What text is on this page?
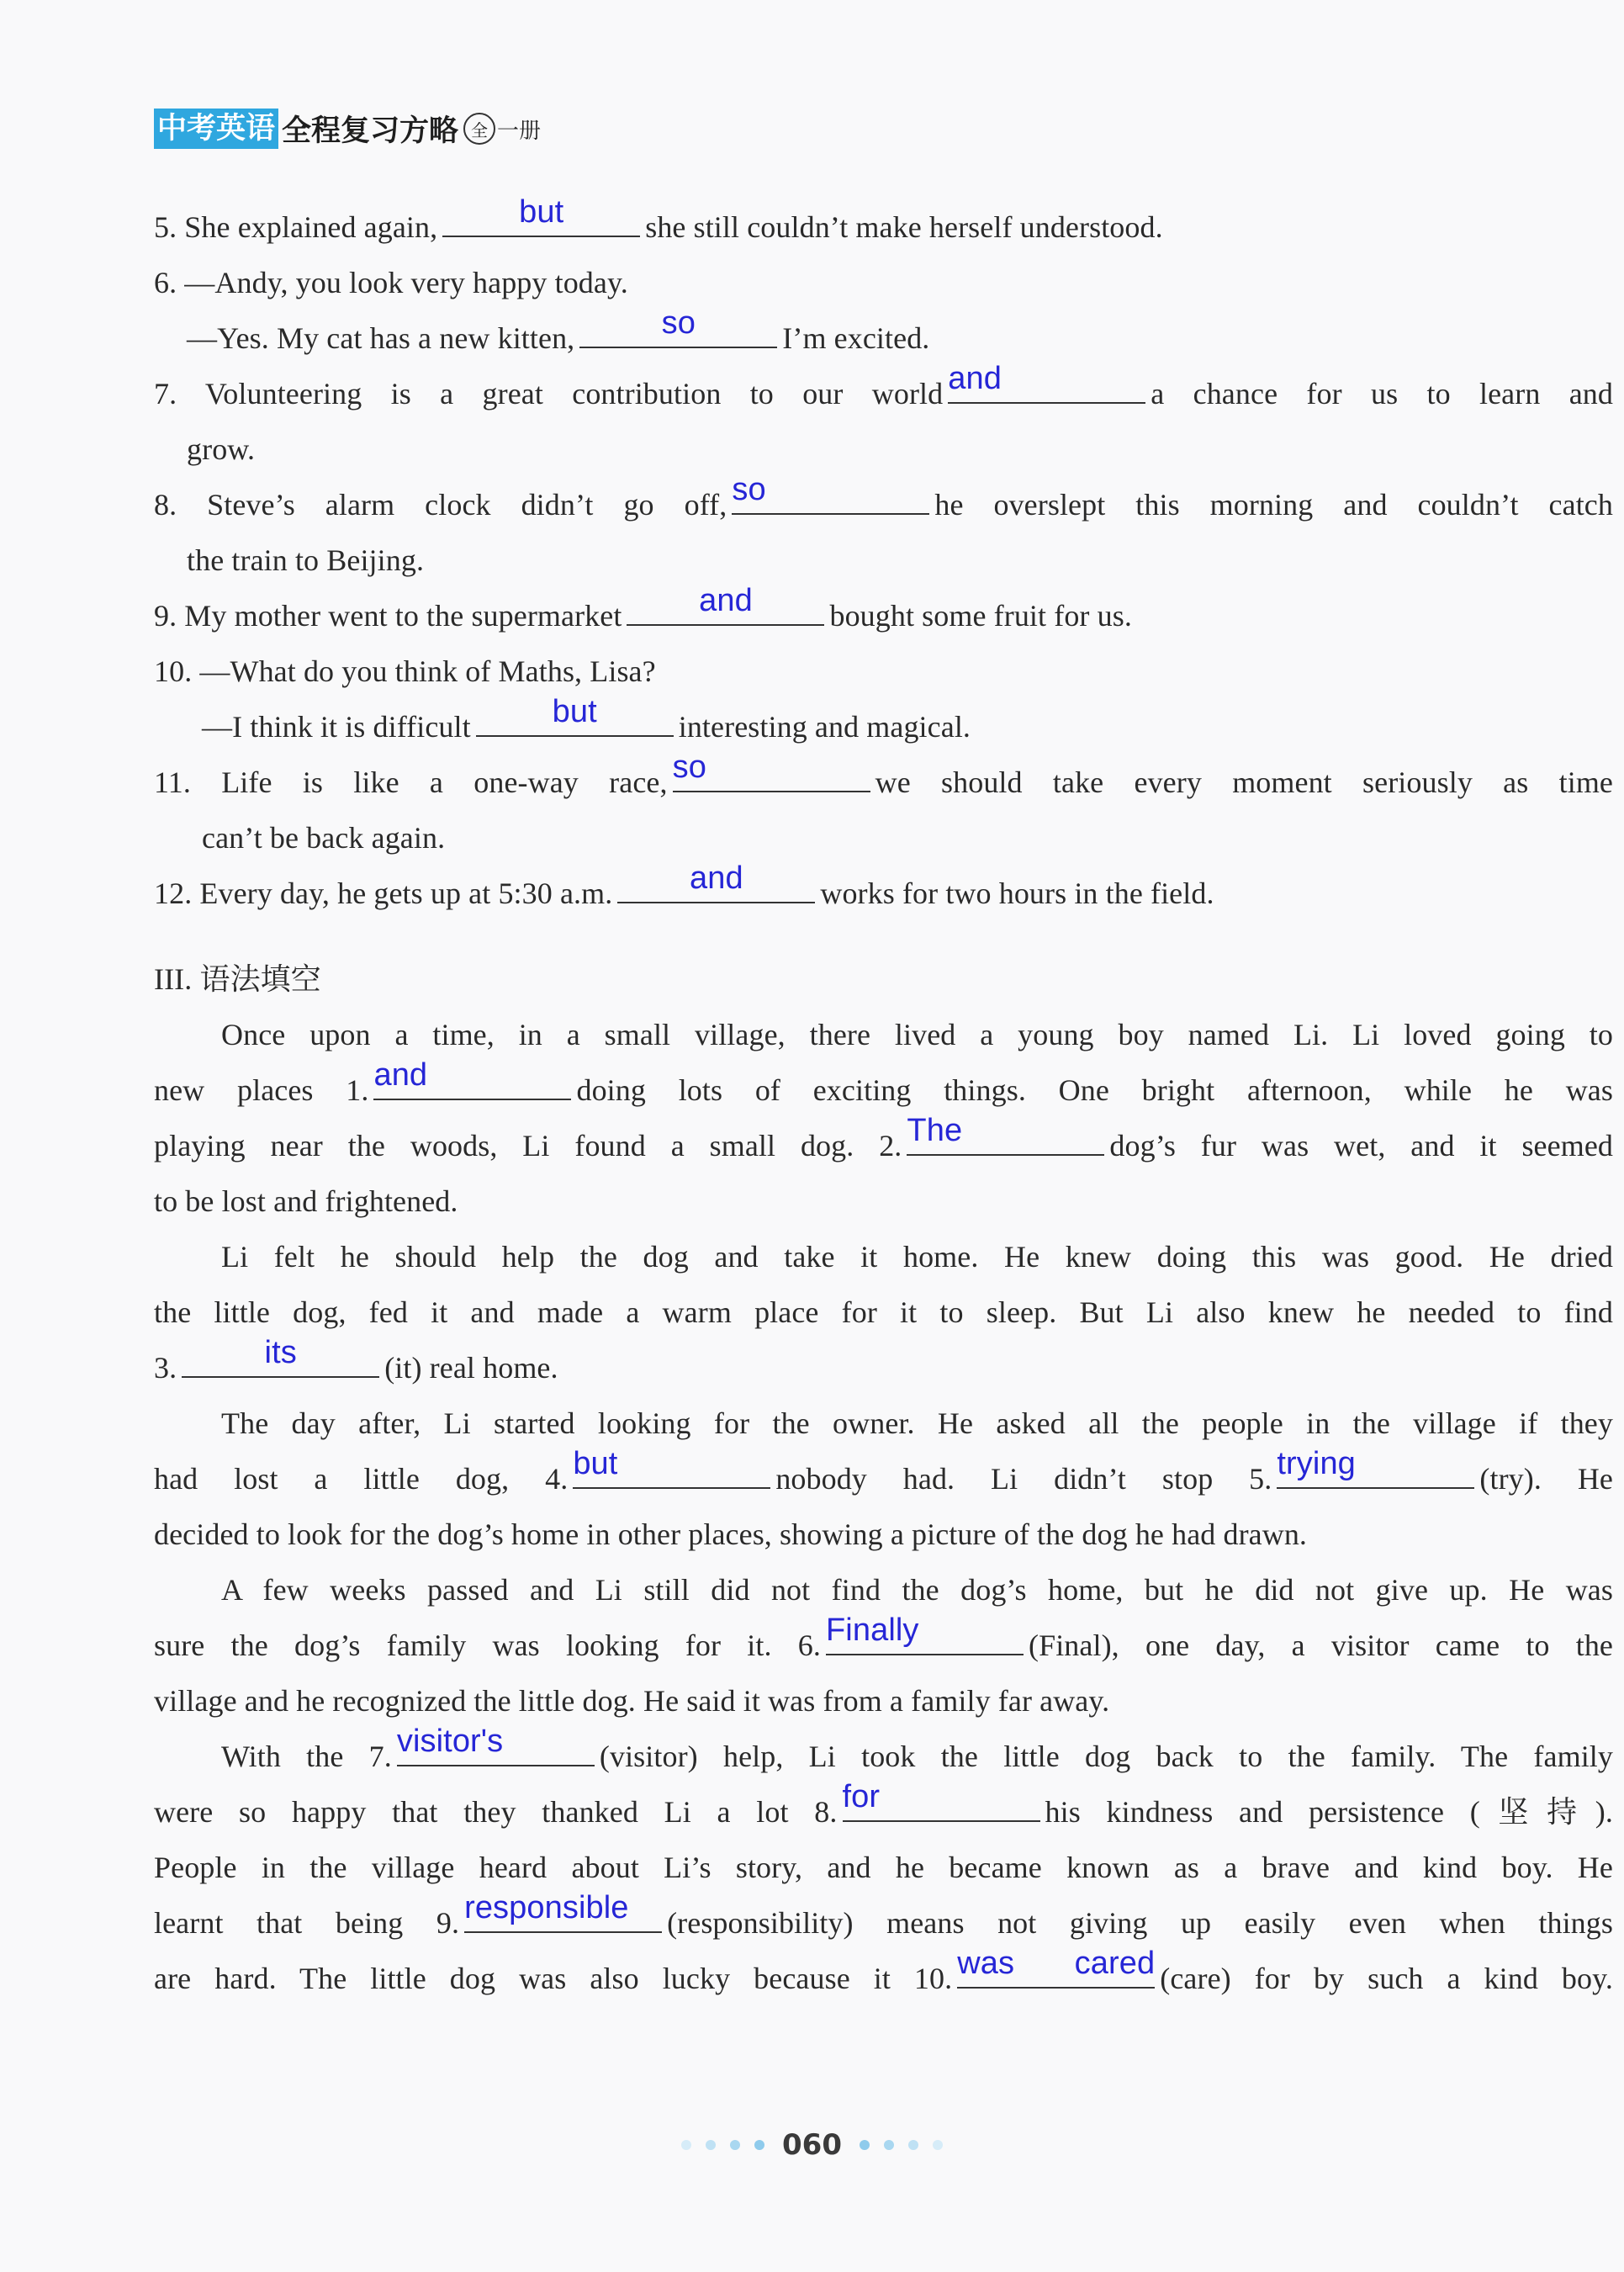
中考英语 全程复习方略 全 一册
5. She explained again,	but	she still couldn’t make herself understood.
6. —Andy, you look very happy today.
—Yes. My cat has a new kitten,	so	I’m excited.
7. Volunteering is a great contribution to our world and	a chance for us to learn and
grow.
8. Steve’s alarm clock didn’t go off, so	he overslept this morning and couldn’t catch
the train to Beijing.
9. My mother went to the supermarket	and	bought some fruit for us.
10. —What do you think of Maths, Lisa?
—I think it is difficult	but	interesting and magical.
11. Life is like a one-way race, so	we should take every moment seriously as time
can’t be back again.
12. Every day, he gets up at 5:30 a.m.	and	works for two hours in the field.
III. 语法填空
Once upon a time, in a small village, there lived a young boy named Li. Li loved going to
new places 1. and	doing lots of exciting things. One bright afternoon, while he was
playing near the woods, Li found a small dog. 2. The	dog’s fur was wet, and it seemed
to be lost and frightened.
Li felt he should help the dog and take it home. He knew doing this was good. He dried
the little dog, fed it and made a warm place for it to sleep. But Li also knew he needed to find
3.	its	(it) real home.
The day after, Li started looking for the owner. He asked all the people in the village if they
had lost a little dog, 4. but	nobody had. Li didn’t stop 5. trying	(try). He
decided to look for the dog’s home in other places, showing a picture of the dog he had drawn.
A few weeks passed and Li still did not find the dog’s home, but he did not give up. He was
sure the dog’s family was looking for it. 6. Finally	(Final), one day, a visitor came to the
village and he recognized the little dog. He said it was from a family far away.
With the 7. visitor's	(visitor) help, Li took the little dog back to the family. The family
were so happy that they thanked Li a lot 8. for	his kindness and persistence (坚持).
People in the village heard about Li’s story, and he became known as a brave and kind boy. He
learnt that being 9. responsible	(responsibility) means not giving up easily even when things
are hard. The little dog was also lucky because it 10. was cared (care) for by such a kind boy.
060
